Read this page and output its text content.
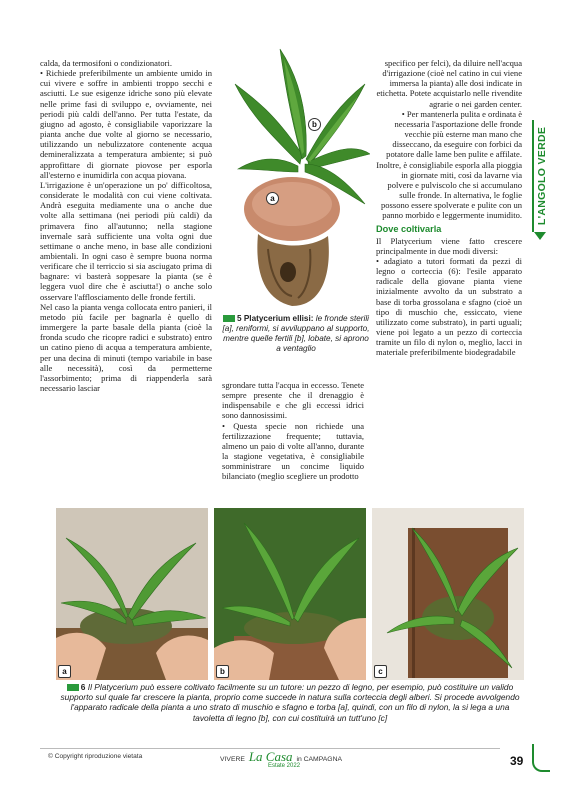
calda, da termosifoni o condizionatori.

• Richiede preferibilmente un ambiente umido in cui vivere e soffre in ambienti troppo secchi e asciutti. Le sue esigenze idriche sono più elevate nelle prime fasi di sviluppo e, ovviamente, nei periodi più caldi dell'anno. Per tutta l'estate, da giugno ad agosto, è consigliabile vaporizzare la pianta anche due volte al giorno se necessario, utilizzando un nebulizzatore contenente acqua demineralizzata a temperatura ambiente; si può approfittare di giornate piovose per esporla all'esterno e inumidirla con acqua piovana.

L'irrigazione è un'operazione un po' difficoltosa, considerate le modalità con cui viene coltivata. Andrà eseguita mediamente una o anche due volte alla settimana (nei periodi più caldi) da primavera fino all'autunno; nella stagione invernale sarà sufficiente una volta ogni due settimane o anche meno, in base alle condizioni ambientali. In ogni caso è sempre buona norma verificare che il terriccio si sia asciugato prima di bagnare: vi basterà soppesare la pianta (se è leggera vuol dire che è asciutta!) o anche solo osservare l'afflosciamento delle fronde fertili.

Nel caso la pianta venga collocata entro panieri, il metodo più facile per bagnarla è quello di immergere la parte basale della pianta (cioè la fronda scudo che ricopre radici e substrato) entro un catino pieno di acqua a temperatura ambiente, per una decina di minuti (tempo variabile in base alle necessità), così da permetterne l'assorbimento; prima di riappenderla sarà necessario lasciar

b
a
5 Platycerium ellisi: le fronde sterili [a], reniformi, si avviluppano al supporto, mentre quelle fertili [b], lobate, si aprono a ventaglio

sgrondare tutta l'acqua in eccesso. Tenete sempre presente che il drenaggio è indispensabile e che gli eccessi idrici sono dannosissimi.

• Questa specie non richiede una fertilizzazione frequente; tuttavia, almeno un paio di volte all'anno, durante la stagione vegetativa, è consigliabile somministrare un concime liquido bilanciato (meglio scegliere un prodotto

specifico per felci), da diluire nell'acqua d'irrigazione (cioè nel catino in cui viene immersa la pianta) alle dosi indicate in etichetta. Potete acquistarlo nelle rivendite agrarie o nei garden center.

• Per mantenerla pulita e ordinata è necessaria l'asportazione delle fronde vecchie più esterne man mano che disseccano, da eseguire con forbici da potatore dalle lame ben pulite e affilate. Inoltre, è consigliabile esporla alla pioggia in giornate miti, così da lavarne via polvere e pulviscolo che si accumulano sulle fronde. In alternativa, le foglie possono essere spolverate e pulite con un panno morbido e leggermente inumidito.

Dove coltivarla

Il Platycerium viene fatto crescere principalmente in due modi diversi:

• adagiato a tutori formati da pezzi di legno o corteccia (6): l'esile apparato radicale della giovane pianta viene inizialmente avvolto da un substrato a base di torba grossolana e sfagno (cioè un tipo di muschio che, essiccato, viene utilizzato come substrato), in parti uguali; viene poi legato a un pezzo di corteccia tramite un filo di nylon o, meglio, lacci in materiale preferibilmente biodegradabile

L'ANGOLO VERDE
a	b	c
6 Il Platycerium può essere coltivato facilmente su un tutore: un pezzo di legno, per esempio, può costituire un valido supporto sul quale far crescere la pianta, proprio come succede in natura sulla corteccia degli alberi. Si procede avvolgendo l'apparato radicale della pianta a uno strato di muschio e sfagno e torba [a], quindi, con un filo di nylon, la si lega a una tavoletta di legno [b], con cui costituirà un tutt'uno [c]
© Copyright riproduzione vietata	VIVERE La Casa in CAMPAGNA
Estate 2022	39
